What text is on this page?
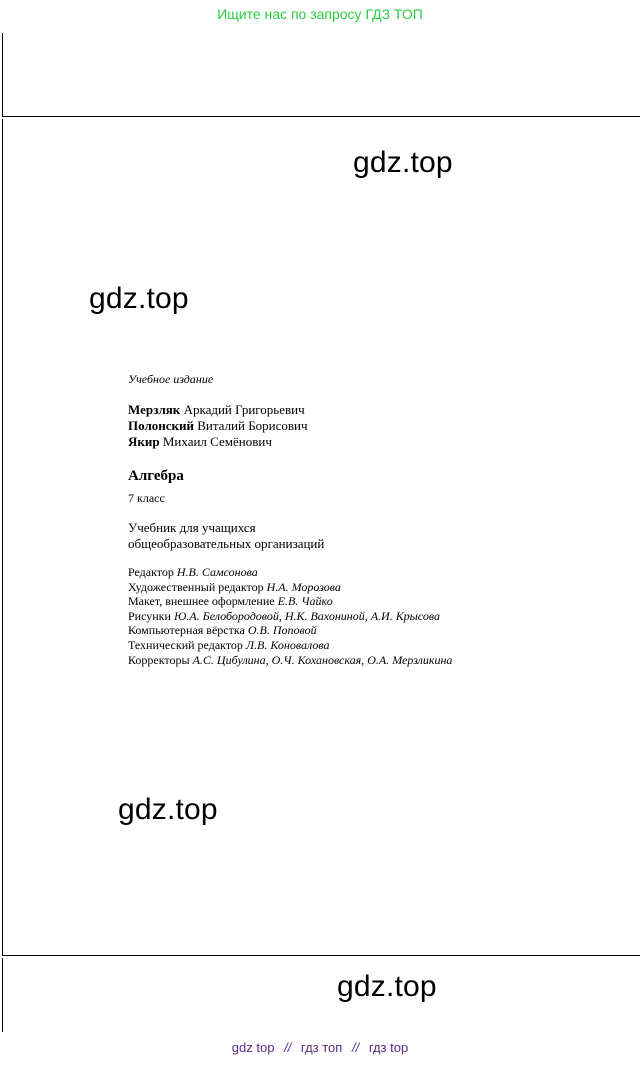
Ищите нас по запросу ГДЗ ТОП
gdz.top
gdz.top
gdz.top
gdz.top

Учебное издание

Мерзляк Аркадий Григорьевич

Полонский Виталий Борисович

Якир Михаил Семёнович

Алгебра

7 класс

Учебник для учащихся
общеобразовательных организаций

Редактор Н.В. Самсонова
Художественный редактор Н.А. Морозова
Макет, внешнее оформление Е.В. Чайко
Рисунки Ю.А. Белобородовой, Н.К. Вахониной, А.И. Крысова
Компьютерная вёрстка О.В. Поповой
Технический редактор Л.В. Коновалова
Корректоры А.С. Цибулина, О.Ч. Кохановская, О.А. Мерзликина
gdz top // гдз топ // гдз top
